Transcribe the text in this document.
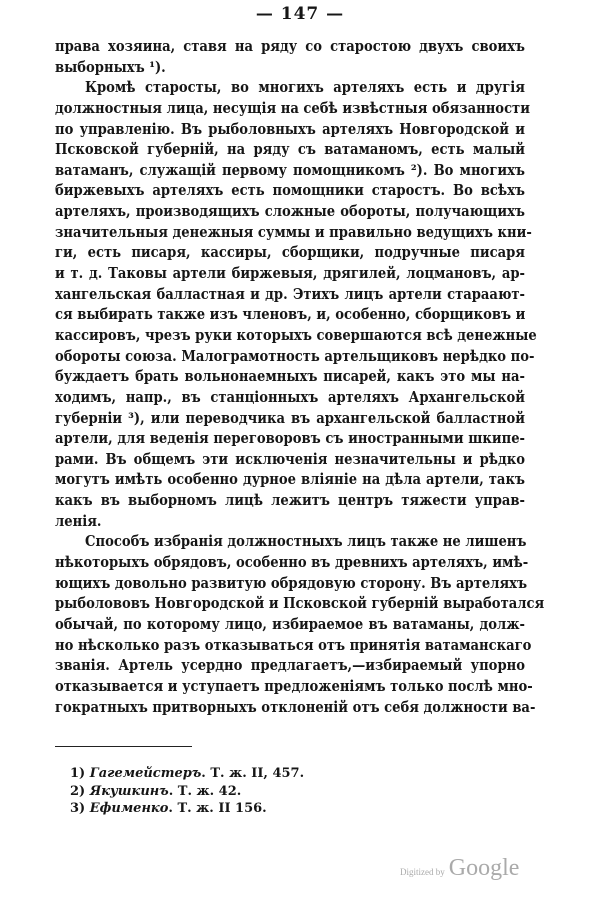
— 147 —
права хозяина, ставя на ряду со старостою двухъ своихъ
выборныхъ ¹).
Кромѣ старосты, во многихъ артеляхъ есть и другія
должностныя лица, несущія на себѣ извѣстныя обязанности
по управленію. Въ рыболовныхъ артеляхъ Новгородской и
Псковской губерній, на ряду съ ватаманомъ, есть малый
ватаманъ, служащій первому помощникомъ ²). Во многихъ
биржевыхъ артеляхъ есть помощники старостъ. Во всѣхъ
артеляхъ, производящихъ сложные обороты, получающихъ
значительныя денежныя суммы и правильно ведущихъ кни-
ги, есть писаря, кассиры, сборщики, подручные писаря
и т. д. Таковы артели биржевыя, дрягилей, лоцмановъ, ар-
хангельская балластная и др. Этихъ лицъ артели стараают-
ся выбирать также изъ членовъ, и, особенно, сборщиковъ и
кассировъ, чрезъ руки которыхъ совершаются всѣ денежные
обороты союза. Малограмотность артельщиковъ нерѣдко по-
буждаетъ брать вольнонаемныхъ писарей, какъ это мы на-
ходимъ, напр., въ станціонныхъ артеляхъ Архангельской
губерніи ³), или переводчика въ архангельской балластной
артели, для веденія переговоровъ съ иностранными шкипе-
рами. Въ общемъ эти исключенія незначительны и рѣдко
могутъ имѣть особенно дурное вліяніе на дѣла артели, такъ
какъ въ выборномъ лицѣ лежитъ центръ тяжести управ-
ленія.
Способъ избранія должностныхъ лицъ также не лишенъ
нѣкоторыхъ обрядовъ, особенно въ древнихъ артеляхъ, имѣ-
ющихъ довольно развитую обрядовую сторону. Въ артеляхъ
рыболововъ Новгородской и Псковской губерній выработался
обычай, по которому лицо, избираемое въ ватаманы, долж-
но нѣсколько разъ отказываться отъ принятія ватаманскаго
званія. Артель усердно предлагаетъ,—избираемый упорно
отказывается и уступаетъ предложеніямъ только послѣ мно-
гократныхъ притворныхъ отклоненій отъ себя должности ва-
1) Гагемейстеръ. Т. ж. II, 457.
2) Якушкинъ. Т. ж. 42.
3) Ефименко. Т. ж. II 156.
Digitized by Google
